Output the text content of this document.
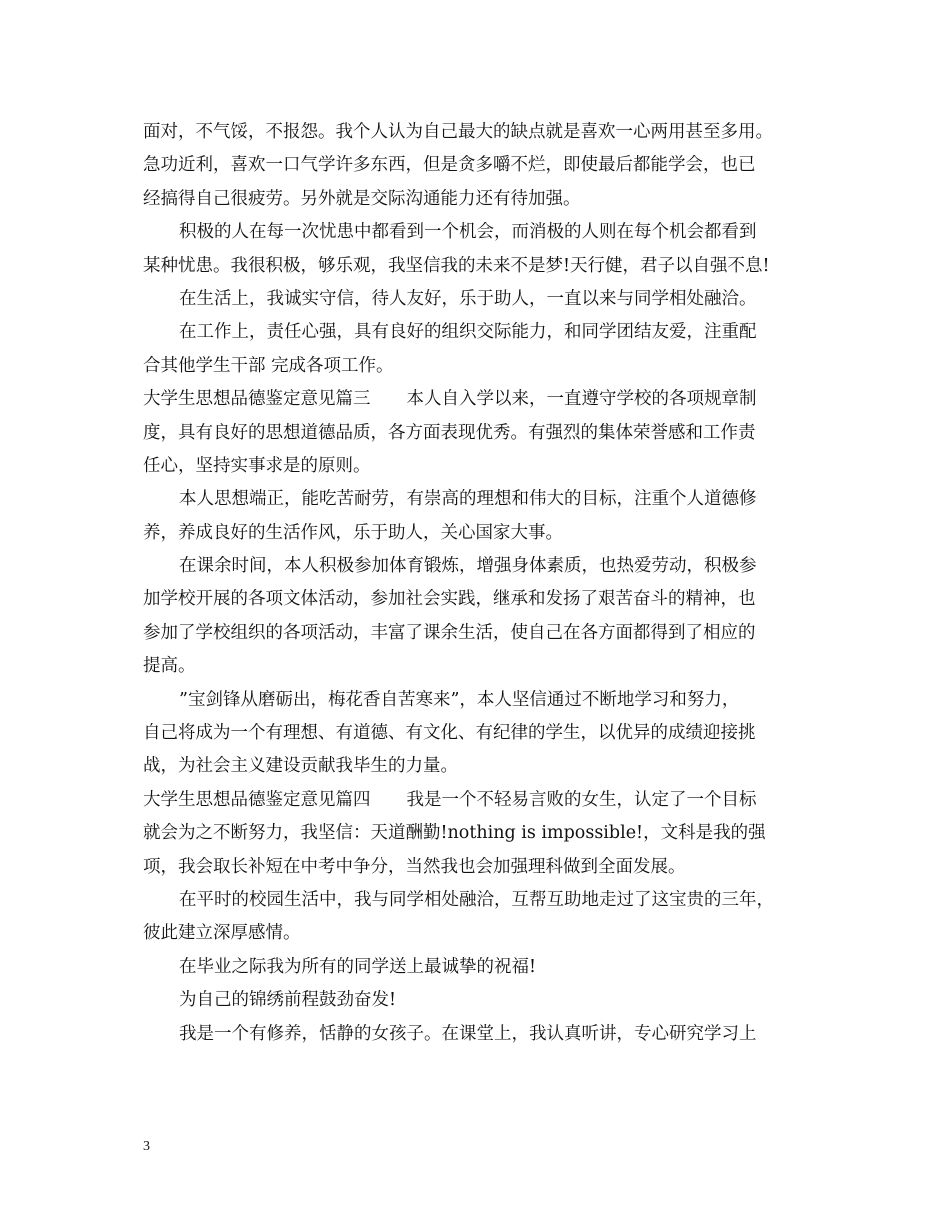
面对，不气馁，不报怨。我个人认为自己最大的缺点就是喜欢一心两用甚至多用。
急功近利，喜欢一口气学许多东西，但是贪多嚼不烂，即使最后都能学会，也已
经搞得自己很疲劳。另外就是交际沟通能力还有待加强。
积极的人在每一次忧患中都看到一个机会，而消极的人则在每个机会都看到
某种忧患。我很积极，够乐观，我坚信我的未来不是梦!天行健，君子以自强不息!
在生活上，我诚实守信，待人友好，乐于助人，一直以来与同学相处融洽。
在工作上，责任心强，具有良好的组织交际能力，和同学团结友爱，注重配
合其他学生干部 完成各项工作。
大学生思想品德鉴定意见篇三 本人自入学以来，一直遵守学校的各项规章制
度，具有良好的思想道德品质，各方面表现优秀。有强烈的集体荣誉感和工作责
任心，坚持实事求是的原则。
本人思想端正，能吃苦耐劳，有崇高的理想和伟大的目标，注重个人道德修
养，养成良好的生活作风，乐于助人，关心国家大事。
在课余时间，本人积极参加体育锻炼，增强身体素质，也热爱劳动，积极参
加学校开展的各项文体活动，参加社会实践，继承和发扬了艰苦奋斗的精神，也
参加了学校组织的各项活动，丰富了课余生活，使自己在各方面都得到了相应的
提高。
”宝剑锋从磨砺出，梅花香自苦寒来”，本人坚信通过不断地学习和努力，
自己将成为一个有理想、有道德、有文化、有纪律的学生，以优异的成绩迎接挑
战，为社会主义建设贡献我毕生的力量。
大学生思想品德鉴定意见篇四 我是一个不轻易言败的女生，认定了一个目标
就会为之不断努力，我坚信：天道酬勤!nothing is impossible!，文科是我的强
项，我会取长补短在中考中争分，当然我也会加强理科做到全面发展。
在平时的校园生活中，我与同学相处融洽，互帮互助地走过了这宝贵的三年，
彼此建立深厚感情。
在毕业之际我为所有的同学送上最诚挚的祝福!
为自己的锦绣前程鼓劲奋发!
我是一个有修养，恬静的女孩子。在课堂上，我认真听讲，专心研究学习上
3
